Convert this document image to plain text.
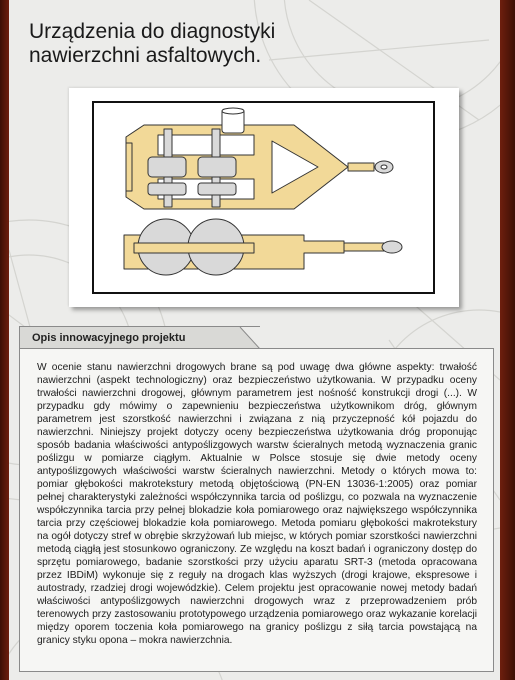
Urządzenia do diagnostyki
nawierzchni asfaltowych.
Opis innowacyjnego projektu

W ocenie stanu nawierzchni drogowych brane są pod uwagę dwa główne aspekty: trwałość nawierzchni (aspekt technologiczny) oraz bezpieczeństwo użytkowania. W przypadku oceny trwałości nawierzchni drogowej, głównym parametrem jest nośność konstrukcji drogi (...). W przypadku gdy mówimy o zapewnieniu bezpieczeństwa użytkownikom dróg, głównym parametrem jest szorstkość nawierzchni i związana z nią przyczepność kół pojazdu do nawierzchni. Niniejszy projekt dotyczy oceny bezpieczeństwa użytkowania dróg proponując sposób badania właściwości antypoślizgowych warstw ścieralnych metodą wyznaczenia granic poślizgu w pomiarze ciągłym. Aktualnie w Polsce stosuje się dwie metody oceny antypoślizgowych właściwości warstw ścieralnych nawierzchni. Metody o których mowa to: pomiar głębokości makrotekstury metodą objętościową (PN-EN 13036-1:2005) oraz pomiar pełnej charakterystyki zależności współczynnika tarcia od poślizgu, co pozwala na wyznaczenie współczynnika tarcia przy pełnej blokadzie koła pomiarowego oraz największego współczynnika tarcia przy częściowej blokadzie koła pomiarowego. Metoda pomiaru głębokości makrotekstury na ogół dotyczy stref w obrębie skrzyżowań lub miejsc, w których pomiar szorstkości nawierzchni metodą ciągłą jest stosunkowo ograniczony. Ze względu na koszt badań i ograniczony dostęp do sprzętu pomiarowego, badanie szorstkości przy użyciu aparatu SRT-3 (metoda opracowana przez IBDiM) wykonuje się z reguły na drogach klas wyższych (drogi krajowe, ekspresowe i autostrady, rzadziej drogi wojewódzkie). Celem projektu jest opracowanie nowej metody badań właściwości antypoślizgowych nawierzchni drogowych wraz z przeprowadzeniem prób terenowych przy zastosowaniu prototypowego urządzenia pomiarowego oraz wykazanie korelacji między oporem toczenia koła pomiarowego na granicy poślizgu z siłą tarcia powstającą na granicy styku opona – mokra nawierzchnia.
